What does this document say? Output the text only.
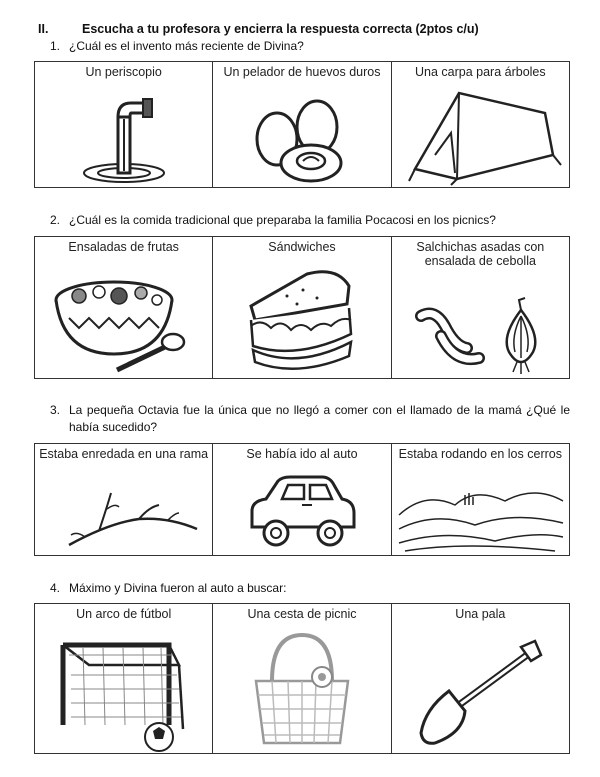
II.	Escucha a tu profesora y encierra la respuesta correcta (2ptos c/u)
1. ¿Cuál es el invento más reciente de Divina?
Un periscopio	Un pelador de huevos duros	Una carpa para árboles
2. ¿Cuál es la comida tradicional que preparaba la familia Pocacosi en los picnics?
Ensaladas de frutas	Sándwiches	Salchichas asadas con ensalada de cebolla
3. La pequeña Octavia fue la única que no llegó a comer con el llamado de la mamá ¿Qué le había sucedido?
Estaba enredada en una rama	Se había ido al auto	Estaba rodando en los cerros
4. Máximo y Divina fueron al auto a buscar:
Un arco de fútbol	Una cesta de picnic	Una pala
